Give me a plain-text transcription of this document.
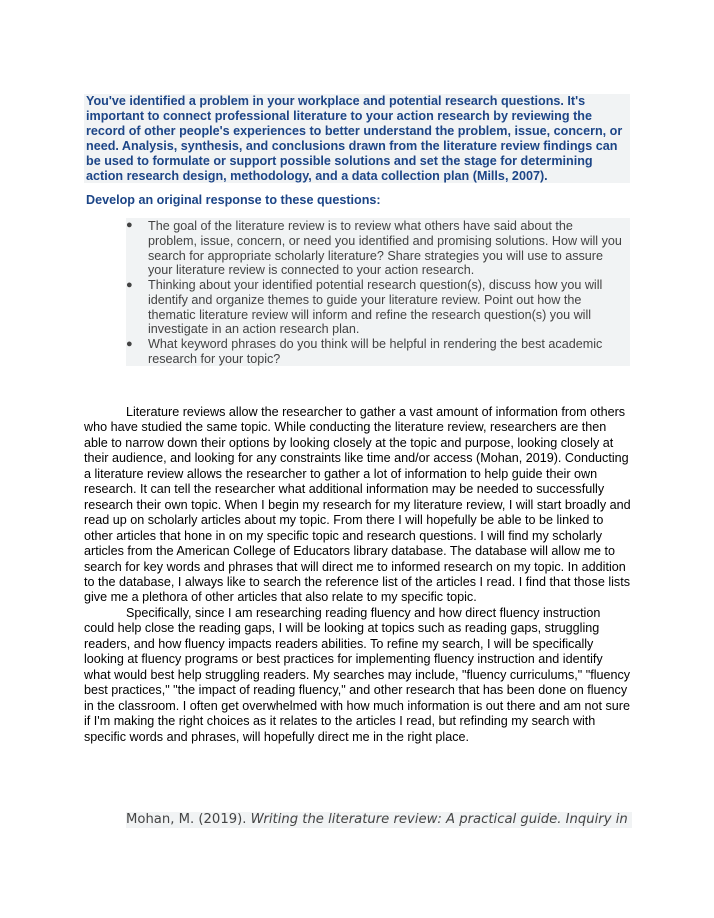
You've identified a problem in your workplace and potential research questions. It's important to connect professional literature to your action research by reviewing the record of other people's experiences to better understand the problem, issue, concern, or need. Analysis, synthesis, and conclusions drawn from the literature review findings can be used to formulate or support possible solutions and set the stage for determining action research design, methodology, and a data collection plan (Mills, 2007).

Develop an original response to these questions:

● The goal of the literature review is to review what others have said about the problem, issue, concern, or need you identified and promising solutions. How will you search for appropriate scholarly literature? Share strategies you will use to assure your literature review is connected to your action research.
● Thinking about your identified potential research question(s), discuss how you will identify and organize themes to guide your literature review. Point out how the thematic literature review will inform and refine the research question(s) you will investigate in an action research plan.
● What keyword phrases do you think will be helpful in rendering the best academic research for your topic?

Literature reviews allow the researcher to gather a vast amount of information from others who have studied the same topic. While conducting the literature review, researchers are then able to narrow down their options by looking closely at the topic and purpose, looking closely at their audience, and looking for any constraints like time and/or access (Mohan, 2019). Conducting a literature review allows the researcher to gather a lot of information to help guide their own research. It can tell the researcher what additional information may be needed to successfully research their own topic. When I begin my research for my literature review, I will start broadly and read up on scholarly articles about my topic. From there I will hopefully be able to be linked to other articles that hone in on my specific topic and research questions. I will find my scholarly articles from the American College of Educators library database. The database will allow me to search for key words and phrases that will direct me to informed research on my topic. In addition to the database, I always like to search the reference list of the articles I read. I find that those lists give me a plethora of other articles that also relate to my specific topic.

Specifically, since I am researching reading fluency and how direct fluency instruction could help close the reading gaps, I will be looking at topics such as reading gaps, struggling readers, and how fluency impacts readers abilities. To refine my search, I will be specifically looking at fluency programs or best practices for implementing fluency instruction and identify what would best help struggling readers. My searches may include, "fluency curriculums," "fluency best practices," "the impact of reading fluency," and other research that has been done on fluency in the classroom. I often get overwhelmed with how much information is out there and am not sure if I'm making the right choices as it relates to the articles I read, but refinding my search with specific words and phrases, will hopefully direct me in the right place.

Mohan, M. (2019). Writing the literature review: A practical guide. Inquiry in
